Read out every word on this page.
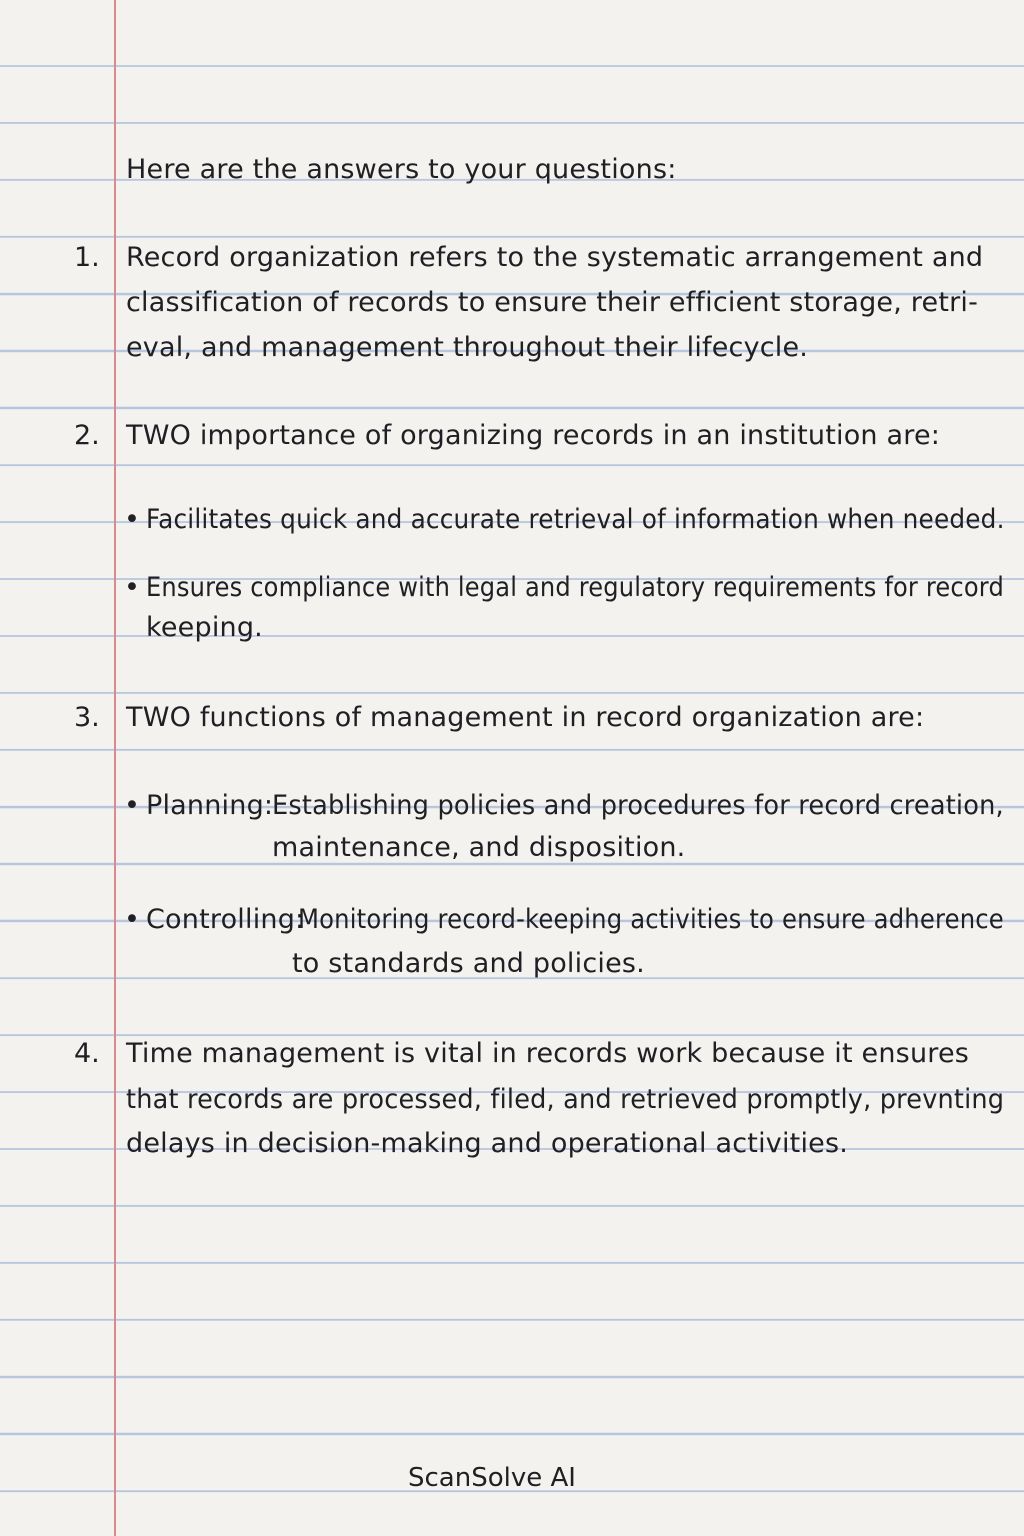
Here are the answers to your questions:
1. Record organization refers to the systematic arrangement and
classification of records to ensure their efficient storage, retri-
eval, and management throughout their lifecycle.
2. TWO importance of organizing records in an institution are:
• Facilitates quick and accurate retrieval of information when needed.
• Ensures compliance with legal and regulatory requirements for record
keeping.
3. TWO functions of management in record organization are:
• Planning:
Establishing policies and procedures for record creation,
maintenance, and disposition.
• Controlling:
Monitoring record-keeping activities to ensure adherence
to standards and policies.
4. Time management is vital in records work because it ensures
that records are processed, filed, and retrieved promptly, prevnting
delays in decision-making and operational activities.
ScanSolve AI
